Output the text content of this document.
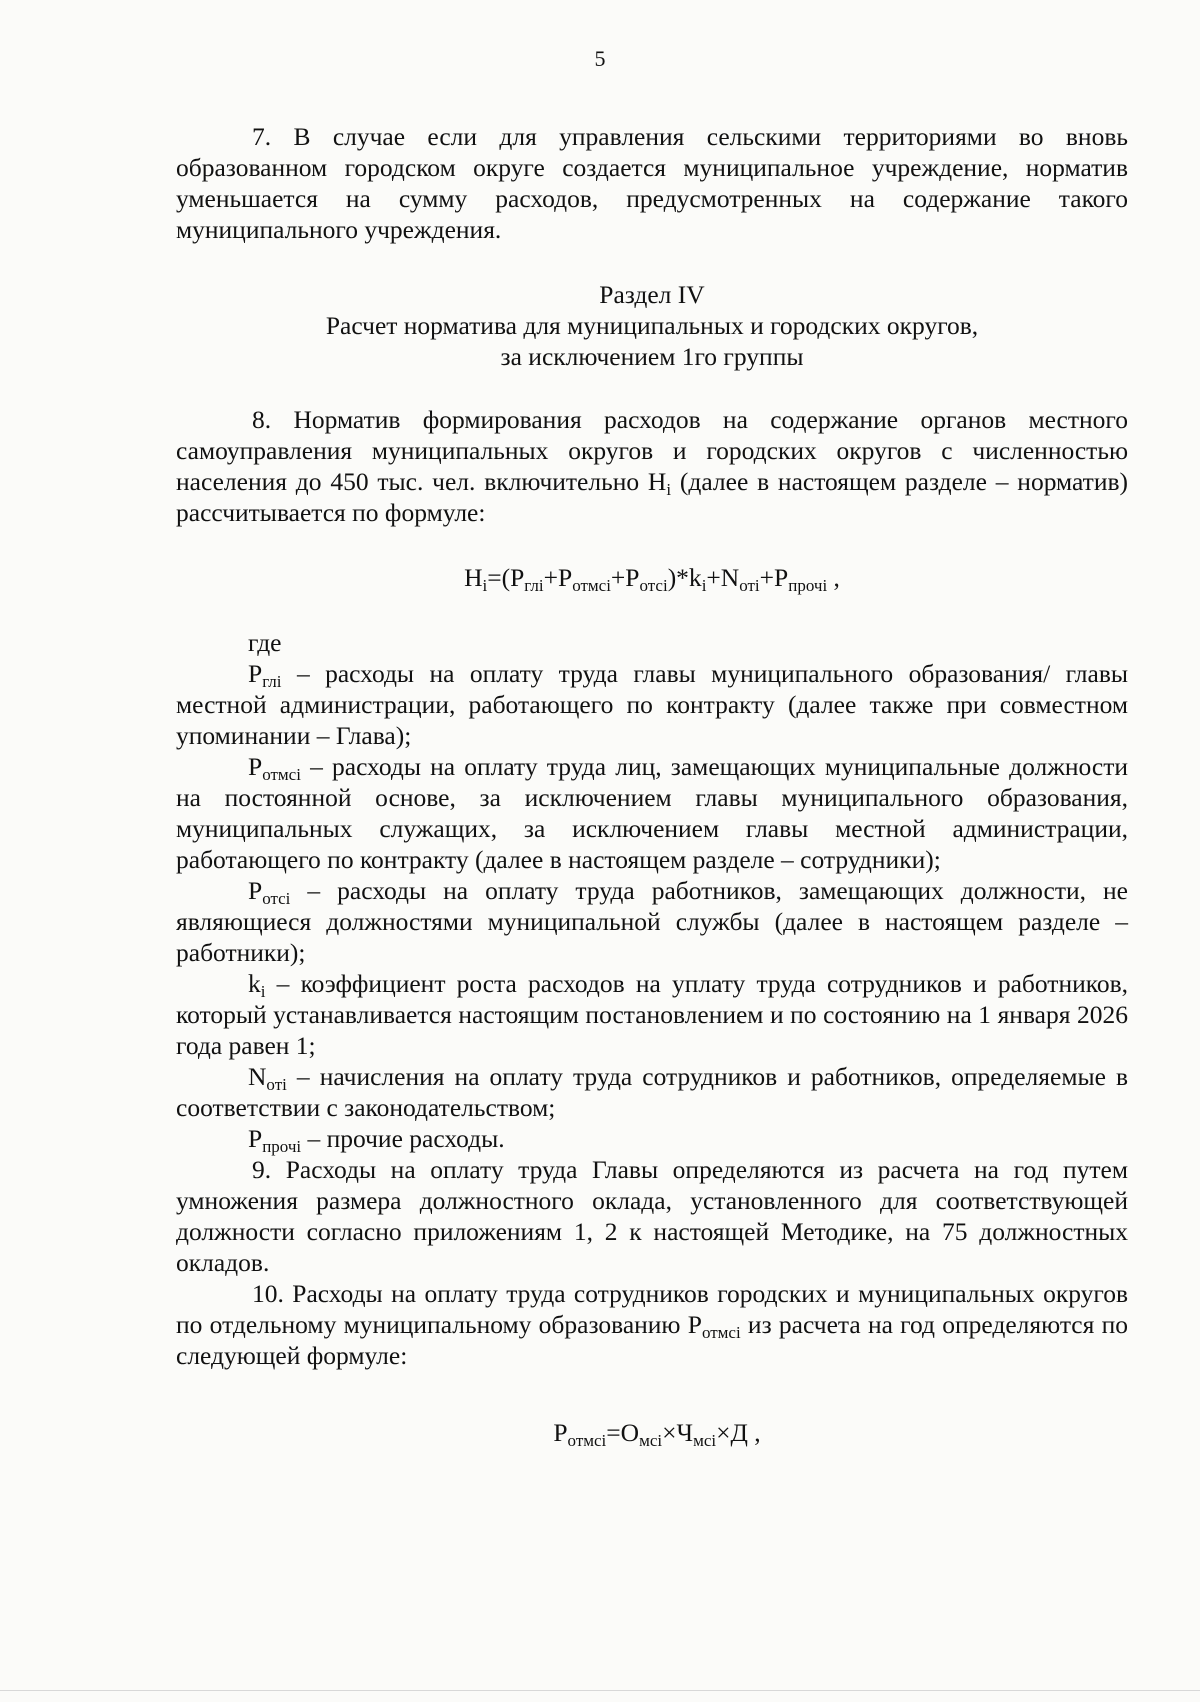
5

7. В случае если для управления сельскими территориями во вновь образованном городском округе создается муниципальное учреждение, норматив уменьшается на сумму расходов, предусмотренных на содержание такого муниципального учреждения.

Раздел IV
Расчет норматива для муниципальных и городских округов,
за исключением 1го группы

8. Норматив формирования расходов на содержание органов местного самоуправления муниципальных округов и городских округов с численностью населения до 450 тыс. чел. включительно $Н_i$ (далее в настоящем разделе – норматив) рассчитывается по формуле:

$Н_i=(Р_{глi}+Р_{отмсi}+Р_{отсi})*k_i+N_{отi}+Р_{прочi}$ ,

где

$Р_{глi}$ – расходы на оплату труда главы муниципального образования/ главы местной администрации, работающего по контракту (далее также при совместном упоминании – Глава);

$Р_{отмсi}$ – расходы на оплату труда лиц, замещающих муниципальные должности на постоянной основе, за исключением главы муниципального образования, муниципальных служащих, за исключением главы местной администрации, работающего по контракту (далее в настоящем разделе – сотрудники);

$Р_{отсi}$ – расходы на оплату труда работников, замещающих должности, не являющиеся должностями муниципальной службы (далее в настоящем разделе – работники);

$k_i$ – коэффициент роста расходов на уплату труда сотрудников и работников, который устанавливается настоящим постановлением и по состоянию на 1 января 2026 года равен 1;

$N_{отi}$ – начисления на оплату труда сотрудников и работников, определяемые в соответствии с законодательством;

$Р_{прочi}$ – прочие расходы.

9. Расходы на оплату труда Главы определяются из расчета на год путем умножения размера должностного оклада, установленного для соответствующей должности согласно приложениям 1, 2 к настоящей Методике, на 75 должностных окладов.

10. Расходы на оплату труда сотрудников городских и муниципальных округов по отдельному муниципальному образованию $Р_{отмсi}$ из расчета на год определяются по следующей формуле:

$Р_{отмсi}=О_{мсi}\times Ч_{мсi}\times Д$ ,
